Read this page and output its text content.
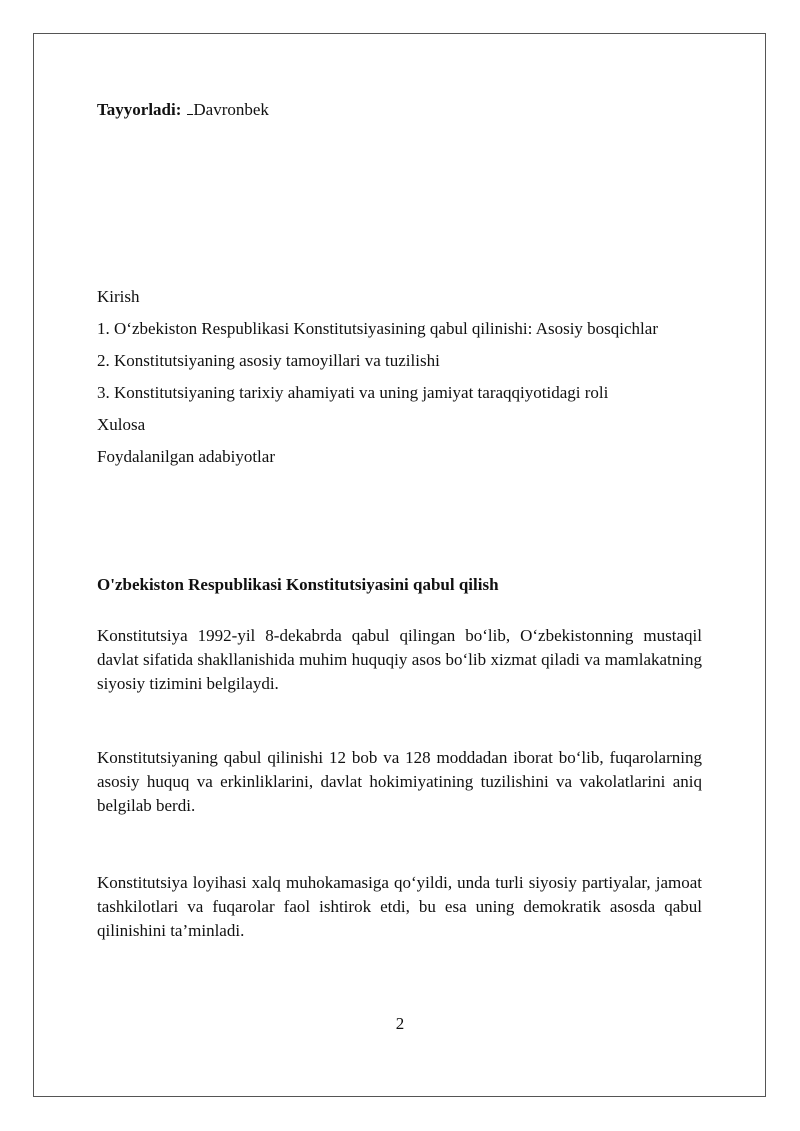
Tayyorladi: Davronbek
Kirish
1. O‘zbekiston Respublikasi Konstitutsiyasining qabul qilinishi: Asosiy bosqichlar
2. Konstitutsiyaning asosiy tamoyillari va tuzilishi
3. Konstitutsiyaning tarixiy ahamiyati va uning jamiyat taraqqiyotidagi roli
Xulosa
Foydalanilgan adabiyotlar
O'zbekiston Respublikasi Konstitutsiyasini qabul qilish
Konstitutsiya 1992-yil 8-dekabrda qabul qilingan bo‘lib, O‘zbekistonning mustaqil davlat sifatida shakllanishida muhim huquqiy asos bo‘lib xizmat qiladi va mamlakatning siyosiy tizimini belgilaydi.
Konstitutsiyaning qabul qilinishi 12 bob va 128 moddadan iborat bo‘lib, fuqarolarning asosiy huquq va erkinliklarini, davlat hokimiyatining tuzilishini va vakolatlarini aniq belgilab berdi.
Konstitutsiya loyihasi xalq muhokamasiga qo‘yildi, unda turli siyosiy partiyalar, jamoat tashkilotlari va fuqarolar faol ishtirok etdi, bu esa uning demokratik asosda qabul qilinishini ta’minladi.
2
